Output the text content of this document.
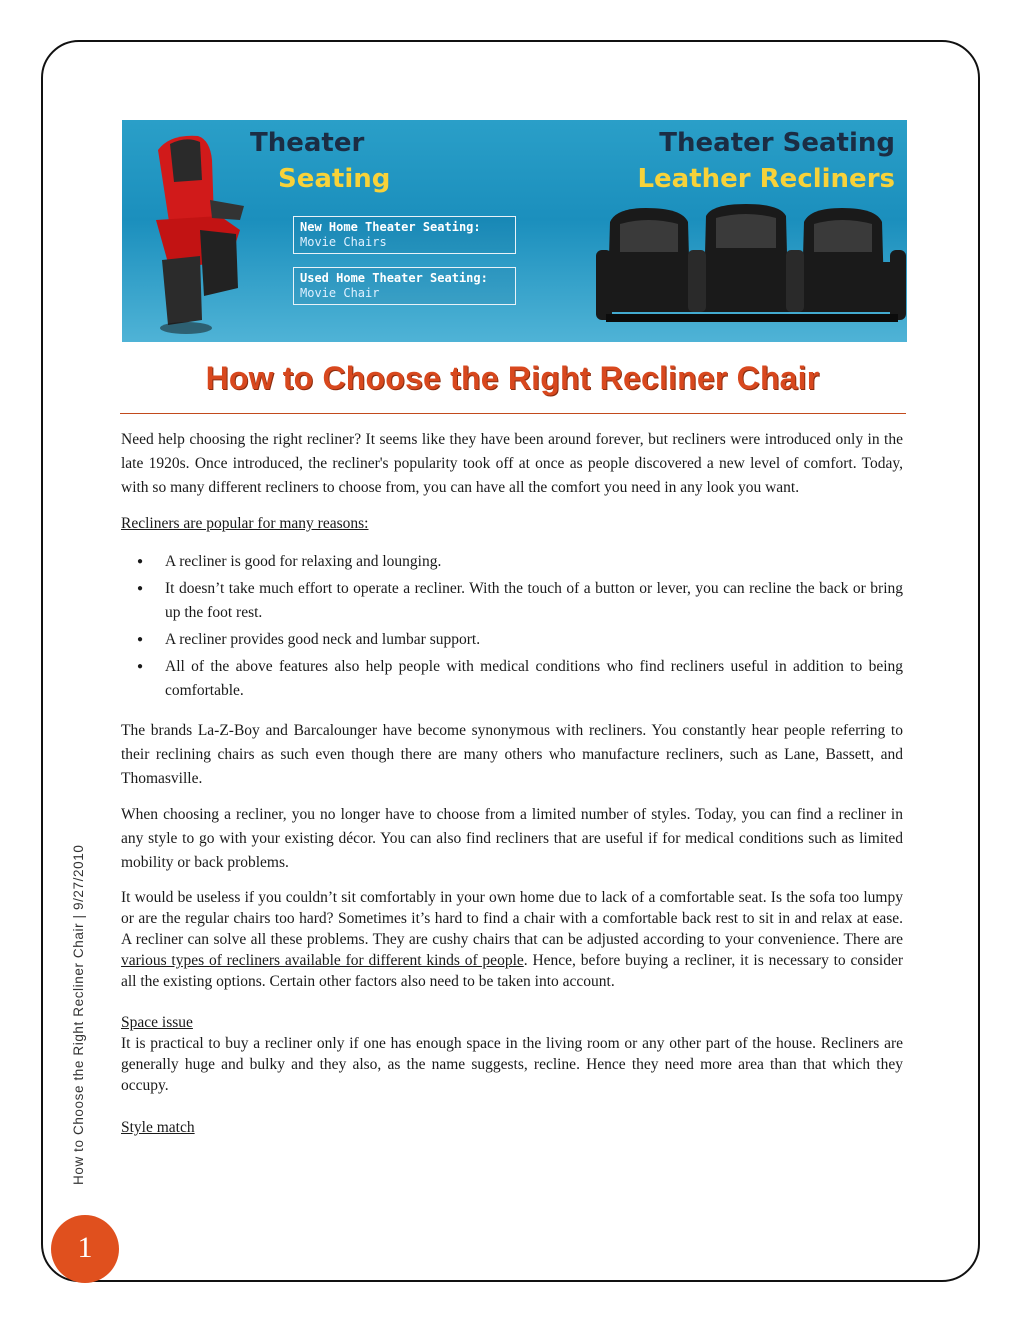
Theater
Seating
New Home Theater Seating:
Movie Chairs
Used Home Theater Seating:
Movie Chair
Theater Seating
Leather Recliners
How to Choose the Right Recliner Chair

Need help choosing the right recliner? It seems like they have been around forever, but recliners were introduced only in the late 1920s. Once introduced, the recliner's popularity took off at once as people discovered a new level of comfort. Today, with so many different recliners to choose from, you can have all the comfort you need in any look you want.

Recliners are popular for many reasons:

● A recliner is good for relaxing and lounging.
● It doesn’t take much effort to operate a recliner. With the touch of a button or lever, you can recline the back or bring up the foot rest.
● A recliner provides good neck and lumbar support.
● All of the above features also help people with medical conditions who find recliners useful in addition to being comfortable.

The brands La-Z-Boy and Barcalounger have become synonymous with recliners. You constantly hear people referring to their reclining chairs as such even though there are many others who manufacture recliners, such as Lane, Bassett, and Thomasville.

When choosing a recliner, you no longer have to choose from a limited number of styles. Today, you can find a recliner in any style to go with your existing décor. You can also find recliners that are useful if for medical conditions such as limited mobility or back problems.

It would be useless if you couldn’t sit comfortably in your own home due to lack of a comfortable seat. Is the sofa too lumpy or are the regular chairs too hard? Sometimes it’s hard to find a chair with a comfortable back rest to sit in and relax at ease. A recliner can solve all these problems. They are cushy chairs that can be adjusted according to your convenience. There are various types of recliners available for different kinds of people. Hence, before buying a recliner, it is necessary to consider all the existing options. Certain other factors also need to be taken into account.

Space issue

It is practical to buy a recliner only if one has enough space in the living room or any other part of the house. Recliners are generally huge and bulky and they also, as the name suggests, recline. Hence they need more area than that which they occupy.

Style match

How to Choose the Right Recliner Chair | 9/27/2010
1
